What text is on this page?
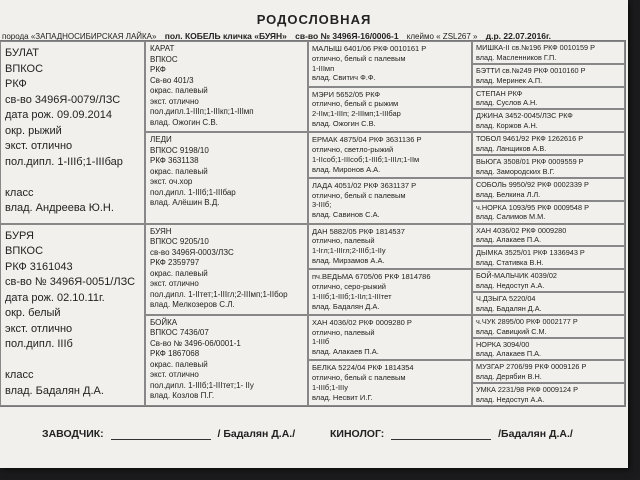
РОДОСЛОВНАЯ
породa «ЗАПАДНОСИБИРСКАЯ ЛАЙКА» пол. КОБЕЛЬ кличка «БУЯН» св-во № 3496Я-16/0006-1 клеймо « ZSL267 » д.р. 22.07.2016г.
БУЛАТ
ВПКОС
РКФ
св-во 3496Я-0079/ЛЗС
дата рож. 09.09.2014
окр. рыжий
экст. отлично
пол.дипл. 1-IIIб;1-IIIбар

класс
влад. Андреева Ю.Н.
БУРЯ
ВПКОС
РКФ 3161043
св-во № 3496Я-0051/ЛЗС
дата рож. 02.10.11г.
окр. белый
экст. отлично
пол.дипл. IIIб

класс
влад. Бадалян Д.А.
КАРАТ
ВПКОС
РКФ
Св-во 401/3
окрас. палевый
экст. отлично
пол.дипл.1-IIIп;1-IIIкп;1-IIIмп
влад. Ожогин С.В.
ЛЕДИ
ВПКОС 9198/10
РКФ 3631138
окрас. палевый
экст. оч.хор
пол.дипл. 1-IIIб;1-IIIбар
влад. Алёшин В.Д.
БУЯН
ВПКОС 9205/10
св-во 3496Я-0003/ЛЗС
РКФ 2359797
окрас. палевый
экст. отлично
пол.дипл. 1-IIтет;1-IIIгл;2-IIIмп;1-IIбор
влад. Мелкозеров С.Л.
БОЙКА
ВПКОС 7436/07
Св-во № 3496-06/0001-1
РКФ 1867068
окрас. палевый
экст. отлично
пол.дипл. 1-IIIб;1-IIIтет;1- IIу
влад. Козлов П.Г.
МАЛЫШ 6401/06 РКФ 0010161 Р
отлично, белый с палевым
1-IIIмп
влад. Свитич Ф.Ф.
МЭРИ 5652/05 РКФ
отлично, белый с рыжим
2-IIм;1-IIIп; 2-IIIмп;1-IIIбар
влад. Ожогин С.В.
ЕРМАК 4875/04 РКФ 3631136 Р
отлично, светло-рыжий
1-IIсоб;1-IIIсоб;1-IIIб;1-IIIл;1-IIм
влад. Миронов А.А.
ЛАДА 4051/02 РКФ 3631137 Р
отлично, белый с палевым
3-IIIб;
влад. Савинов С.А.
ДАН 5882/05 РКФ 1814537
отлично, палевый
1-Iгл;1-IIIгл;2-IIIб;1-IIу
влад. Мирзамов А.А.
пч.ВЕДЬМА 6705/06 РКФ 1814786
отлично, серо-рыжий
1-IIIб;1-IIIб;1-IIл;1-IIIтет
влад. Бадалян Д.А.
ХАН 4036/02 РКФ 0009280 Р
отлично, палевый
1-IIIб
влад. Алакаев П.А.
БЕЛКА 5224/04 РКФ 1814354
отлично, белый с палевым
1-IIIб;1-IIIу
влад. Несвит И.Г.
МИШКА-II св.№196 РКФ 0010159 Р
влад. Масленников Г.П.
БЭТТИ св.№249 РКФ 0010160 Р
влад. Меринек А.П.
СТЕПАН РКФ
влад. Суслов А.Н.
ДЖИНА 3452-0045/ЛЗС РКФ
влад. Коржов А.Н.
ТОБОЛ 9461/92 РКФ 1262616 Р
влад. Ланщиков А.В.
ВЬЮГА 3508/01 РКФ 0009559 Р
влад. Замородских В.Г.
СОБОЛЬ 9950/92 РКФ 0002339 Р
влад. Белкина Л.Л.
ч.НОРКА 1093/95 РКФ 0009548 Р
влад. Салимов М.М.
ХАН 4036/02 РКФ 0009280
влад. Алакаев П.А.
ДЫМКА 3525/01 РКФ 1336943 Р
влад. Стативка В.Н.
БОЙ-МАЛЬЧИК 4039/02
влад. Недоступ А.А.
Ч.ДЗЫГА 5220/04
влад. Бадалян Д.А.
ч.ЧУК 2895/00 РКФ 0002177 Р
влад. Савицкий С.М.
НОРКА 3094/00
влад. Алакаев П.А.
МУЗГАР 2706/99 РКФ 0009126 Р
влад. Дерябин В.Н.
УМКА 2231/98 РКФ 0009124 Р
влад. Недоступ А.А.
ЗАВОДЧИК:	/ Бадалян Д.А./	КИНОЛОГ:	/Бадалян Д.А./
